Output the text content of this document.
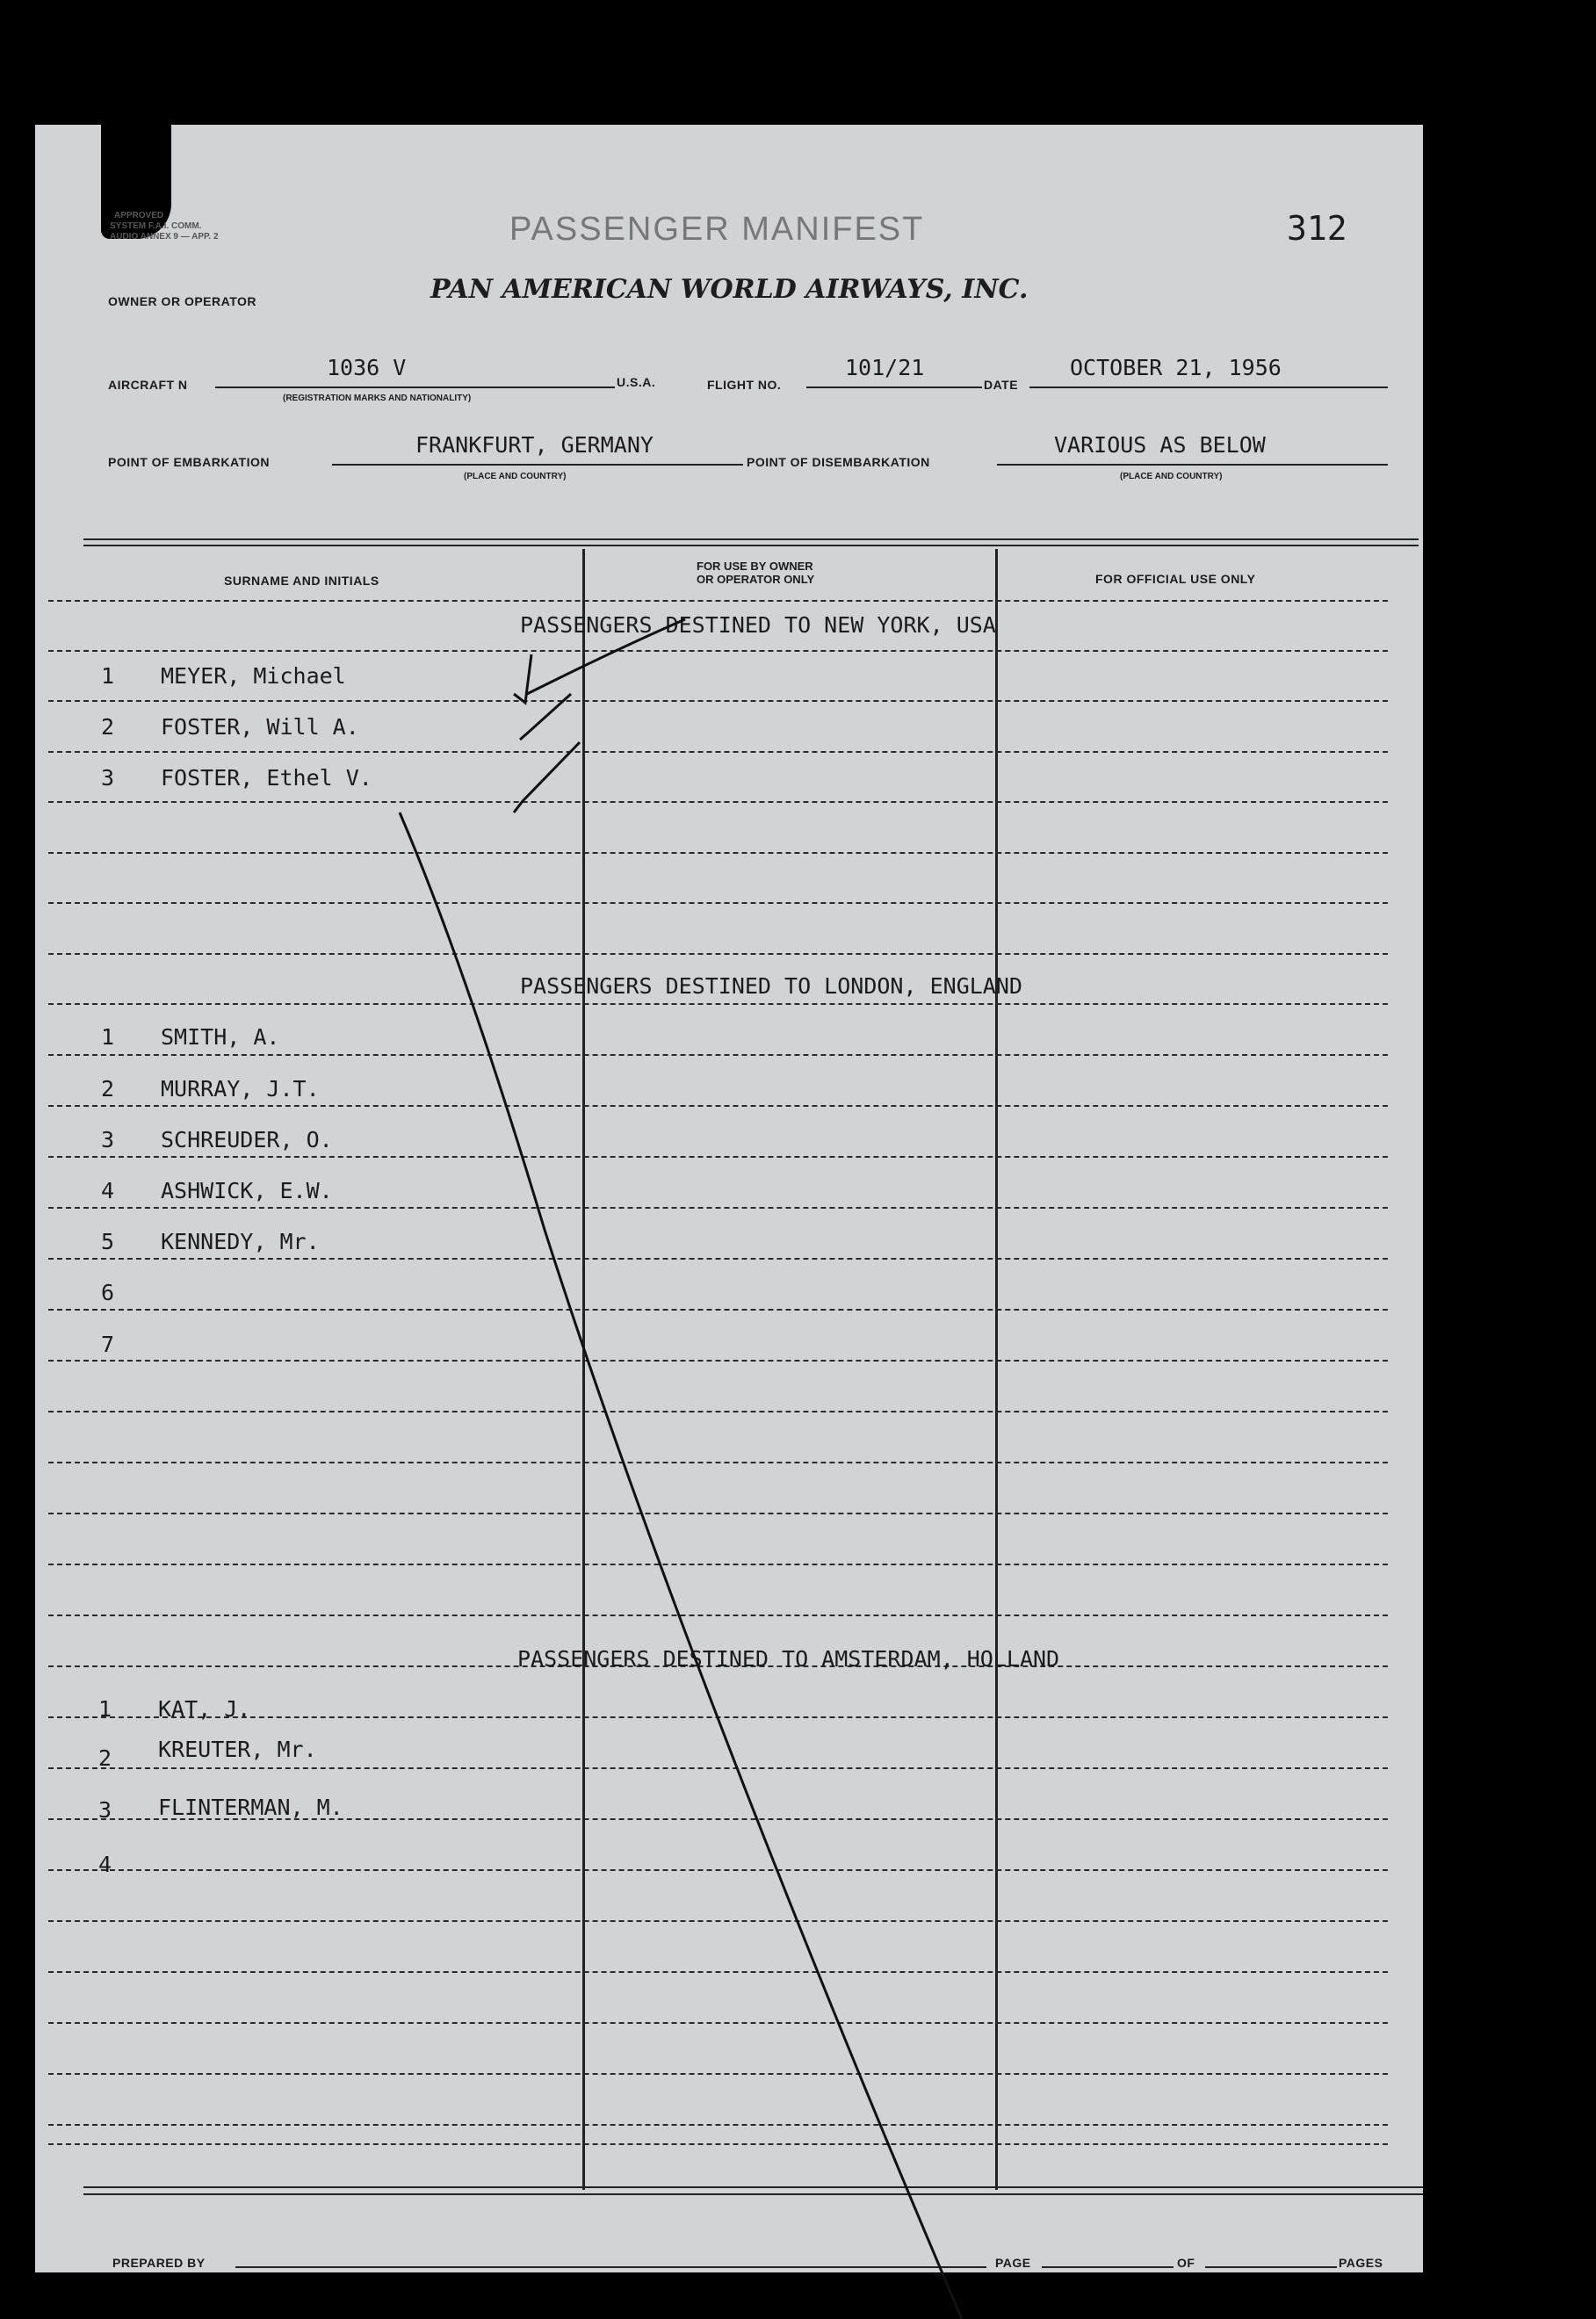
APPROVED
SYSTEM F.A.I. COMM.
AUDIO ANNEX 9 — APP. 2	PASSENGER MANIFEST	312
OWNER OR OPERATOR	PAN AMERICAN WORLD AIRWAYS, INC.
AIRCRAFT N
1036 V
(REGISTRATION MARKS AND NATIONALITY)
U.S.A.	FLIGHT NO.
101/21
DATE
OCTOBER 21, 1956
POINT OF EMBARKATION
FRANKFURT, GERMANY
(PLACE AND COUNTRY)
POINT OF DISEMBARKATION
VARIOUS AS BELOW
(PLACE AND COUNTRY)
SURNAME AND INITIALS
FOR USE BY OWNER
OR OPERATOR ONLY	FOR OFFICIAL USE ONLY
PASSENGERS DESTINED TO NEW YORK, USA
1 MEYER, Michael
2 FOSTER, Will A.
3 FOSTER, Ethel V.
PASSENGERS DESTINED TO LONDON, ENGLAND
1 SMITH, A.
2 MURRAY, J.T.
3 SCHREUDER, O.
4 ASHWICK, E.W.
5 KENNEDY, Mr.
6
7
PASSENGERS DESTINED TO AMSTERDAM, HOLLAND
1 KAT, J.
2 KREUTER, Mr.
3 FLINTERMAN, M.
4
PREPARED BY	PAGE	OF	PAGES
